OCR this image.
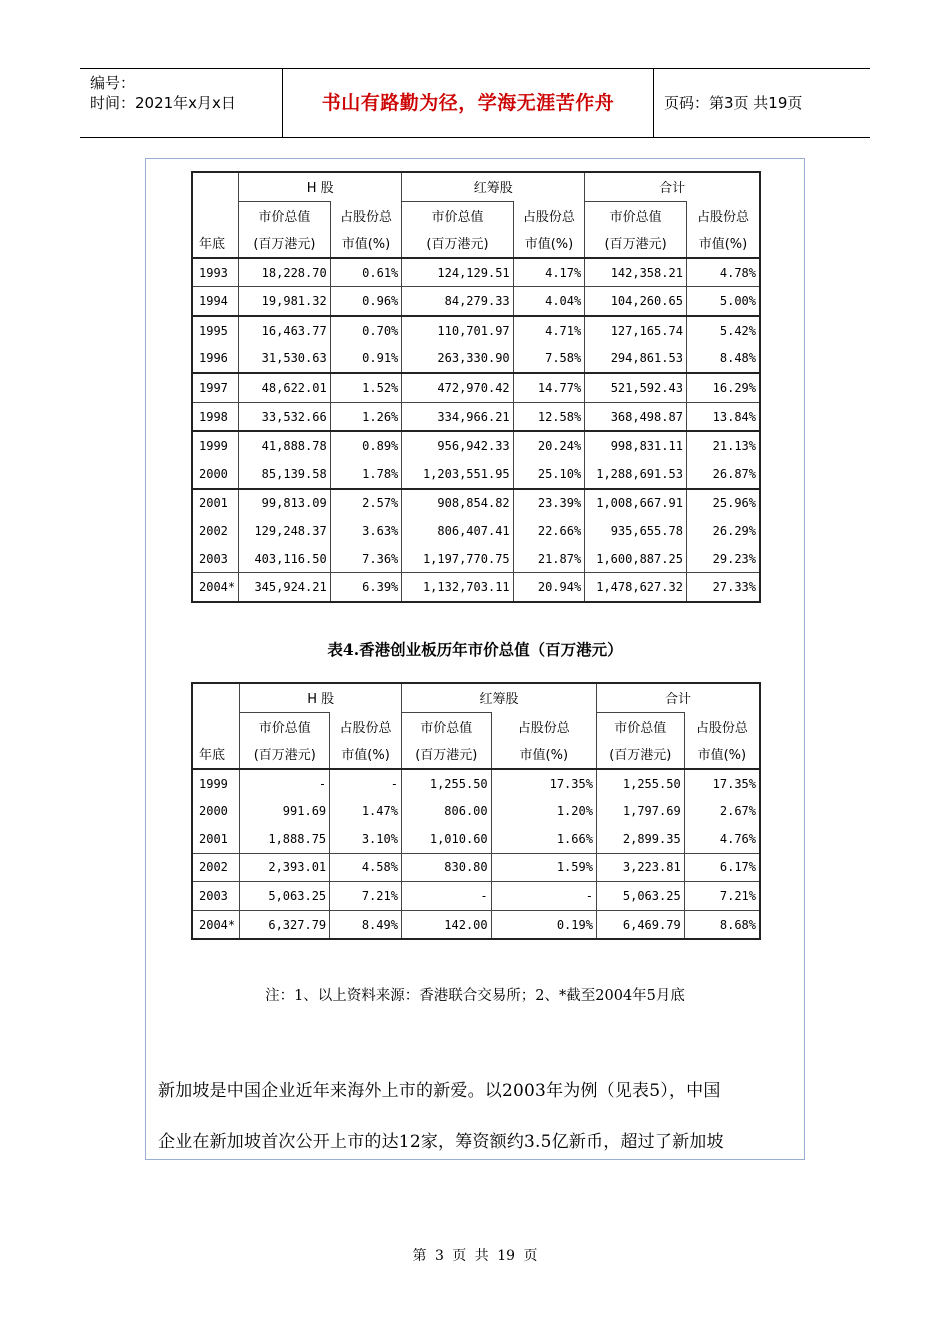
编号：
时间：2021年x月x日	书山有路勤为径，学海无涯苦作舟	页码：第3页 共19页
	H 股		红筹股		合计	
	市价总值	占股份总	市价总值	占股份总	市价总值	占股份总
年底	(百万港元)	市值(%)	(百万港元)	市值(%)	(百万港元)	市值(%)
1993	18,228.70	0.61%	124,129.51	4.17%	142,358.21	4.78%
1994	19,981.32	0.96%	84,279.33	4.04%	104,260.65	5.00%
1995	16,463.77	0.70%	110,701.97	4.71%	127,165.74	5.42%
1996	31,530.63	0.91%	263,330.90	7.58%	294,861.53	8.48%
1997	48,622.01	1.52%	472,970.42	14.77%	521,592.43	16.29%
1998	33,532.66	1.26%	334,966.21	12.58%	368,498.87	13.84%
1999	41,888.78	0.89%	956,942.33	20.24%	998,831.11	21.13%
2000	85,139.58	1.78%	1,203,551.95	25.10%	1,288,691.53	26.87%
2001	99,813.09	2.57%	908,854.82	23.39%	1,008,667.91	25.96%
2002	129,248.37	3.63%	806,407.41	22.66%	935,655.78	26.29%
2003	403,116.50	7.36%	1,197,770.75	21.87%	1,600,887.25	29.23%
2004*	345,924.21	6.39%	1,132,703.11	20.94%	1,478,627.32	27.33%
表4.香港创业板历年市价总值（百万港元）
	H 股		红筹股		合计	
	市价总值	占股份总	市价总值	占股份总	市价总值	占股份总
年底	(百万港元)	市值(%)	(百万港元)	市值(%)	(百万港元)	市值(%)
1999	-	-	1,255.50	17.35%	1,255.50	17.35%
2000	991.69	1.47%	806.00	1.20%	1,797.69	2.67%
2001	1,888.75	3.10%	1,010.60	1.66%	2,899.35	4.76%
2002	2,393.01	4.58%	830.80	1.59%	3,223.81	6.17%
2003	5,063.25	7.21%	-	-	5,063.25	7.21%
2004*	6,327.79	8.49%	142.00	0.19%	6,469.79	8.68%
注：1、以上资料来源：香港联合交易所；2、*截至2004年5月底
新加坡是中国企业近年来海外上市的新爱。以2003年为例（见表5），中国
企业在新加坡首次公开上市的达12家，筹资额约3.5亿新币，超过了新加坡
第 3 页 共 19 页
